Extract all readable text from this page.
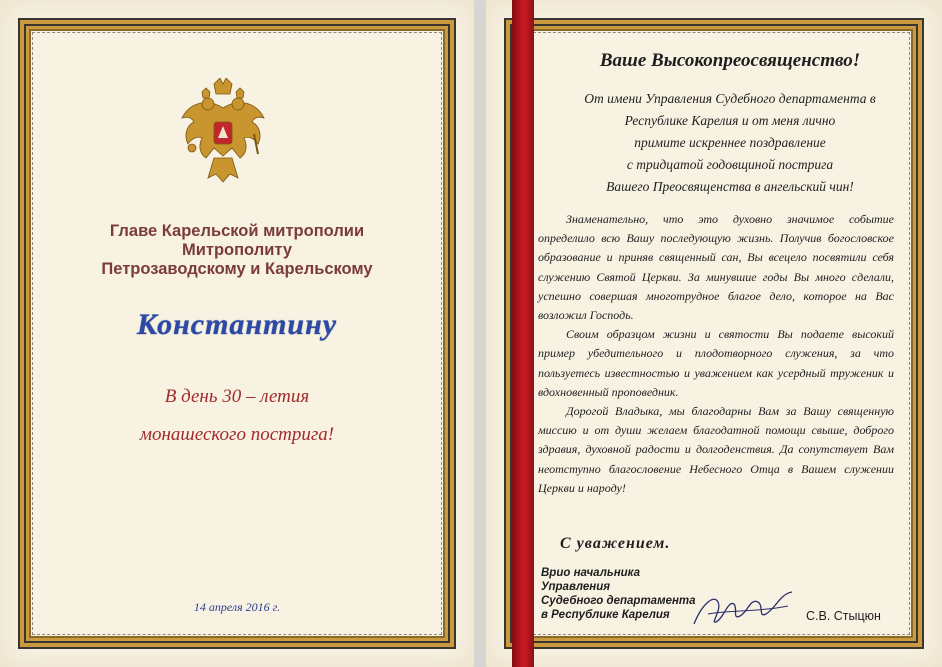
Главе Карельской митрополии
Митрополиту
Петрозаводскому и Карельскому
Константину
В день 30 – летия
монашеского пострига!
14 апреля 2016 г.
Ваше Высокопреосвященство!
От имени Управления Судебного департамента в
Республике Карелия и от меня лично
примите искреннее поздравление
с тридцатой годовщиной пострига
Вашего Преосвященства в ангельский чин!

Знаменательно, что это духовно значимое событие определило всю Вашу последующую жизнь. Получив богословское образование и приняв священный сан, Вы всецело посвятили себя служению Святой Церкви. За минувшие годы Вы много сделали, успешно совершая многотрудное благое дело, которое на Вас возложил Господь.

Своим образцом жизни и святости Вы подаете высокий пример убедительного и плодотворного служения, за что пользуетесь известностью и уважением как усердный труженик и вдохновенный проповедник.

Дорогой Владыка, мы благодарны Вам за Вашу священную миссию и от души желаем благодатной помощи свыше, доброго здравия, духовной радости и долгоденствия. Да сопутствует Вам неотступно благословение Небесного Отца в Вашем служении Церкви и народу!

С уважением.
Врио начальника
Управления
Судебного департамента
в Республике Карелия	С.В. Стыцюн
